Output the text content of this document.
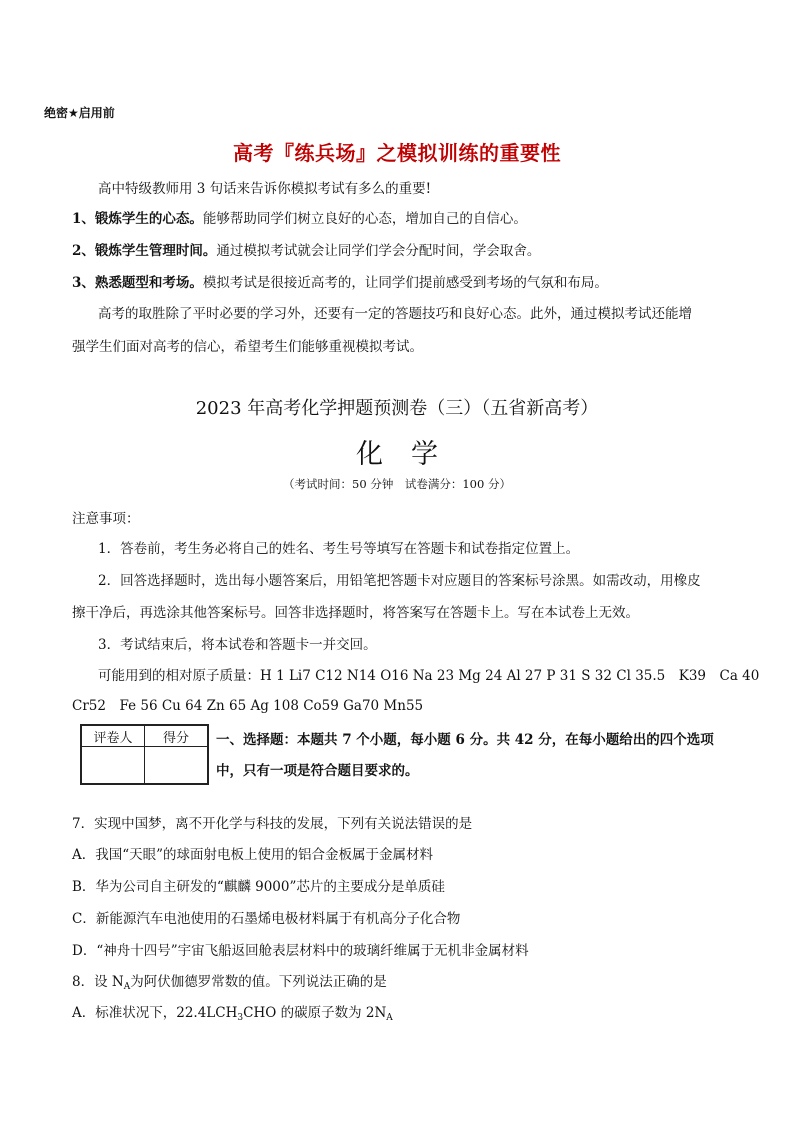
绝密★启用前
高考『练兵场』之模拟训练的重要性
高中特级教师用 3 句话来告诉你模拟考试有多么的重要!
1、锻炼学生的心态。能够帮助同学们树立良好的心态，增加自己的自信心。
2、锻炼学生管理时间。通过模拟考试就会让同学们学会分配时间，学会取舍。
3、熟悉题型和考场。模拟考试是很接近高考的，让同学们提前感受到考场的气氛和布局。
高考的取胜除了平时必要的学习外，还要有一定的答题技巧和良好心态。此外，通过模拟考试还能增
强学生们面对高考的信心，希望考生们能够重视模拟考试。
2023 年高考化学押题预测卷（三）（五省新高考）
化学
（考试时间：50 分钟　试卷满分：100 分）
注意事项：
1．答卷前，考生务必将自己的姓名、考生号等填写在答题卡和试卷指定位置上。
2．回答选择题时，选出每小题答案后，用铅笔把答题卡对应题目的答案标号涂黑。如需改动，用橡皮
擦干净后，再选涂其他答案标号。回答非选择题时，将答案写在答题卡上。写在本试卷上无效。
3．考试结束后，将本试卷和答题卡一并交回。
可能用到的相对原子质量：H 1 Li7 C12 N14 O16 Na 23 Mg 24 Al 27 P 31 S 32 Cl 35.5　K39　Ca 40
Cr52　Fe 56 Cu 64 Zn 65 Ag 108 Co59 Ga70 Mn55
评卷人	得分
	一、选择题：本题共 7 个小题，每小题 6 分。共 42 分，在每小题给出的四个选项
中，只有一项是符合题目要求的。
7．实现中国梦，离不开化学与科技的发展，下列有关说法错误的是
A．我国“天眼”的球面射电板上使用的铝合金板属于金属材料
B．华为公司自主研发的“麒麟 9000”芯片的主要成分是单质硅
C．新能源汽车电池使用的石墨烯电极材料属于有机高分子化合物
D．“神舟十四号”宇宙飞船返回舱表层材料中的玻璃纤维属于无机非金属材料
8．设 $N_A$为阿伏伽德罗常数的值。下列说法正确的是
A．标准状况下，$22.4LCH_3CHO$ 的碳原子数为 $2N_A$
